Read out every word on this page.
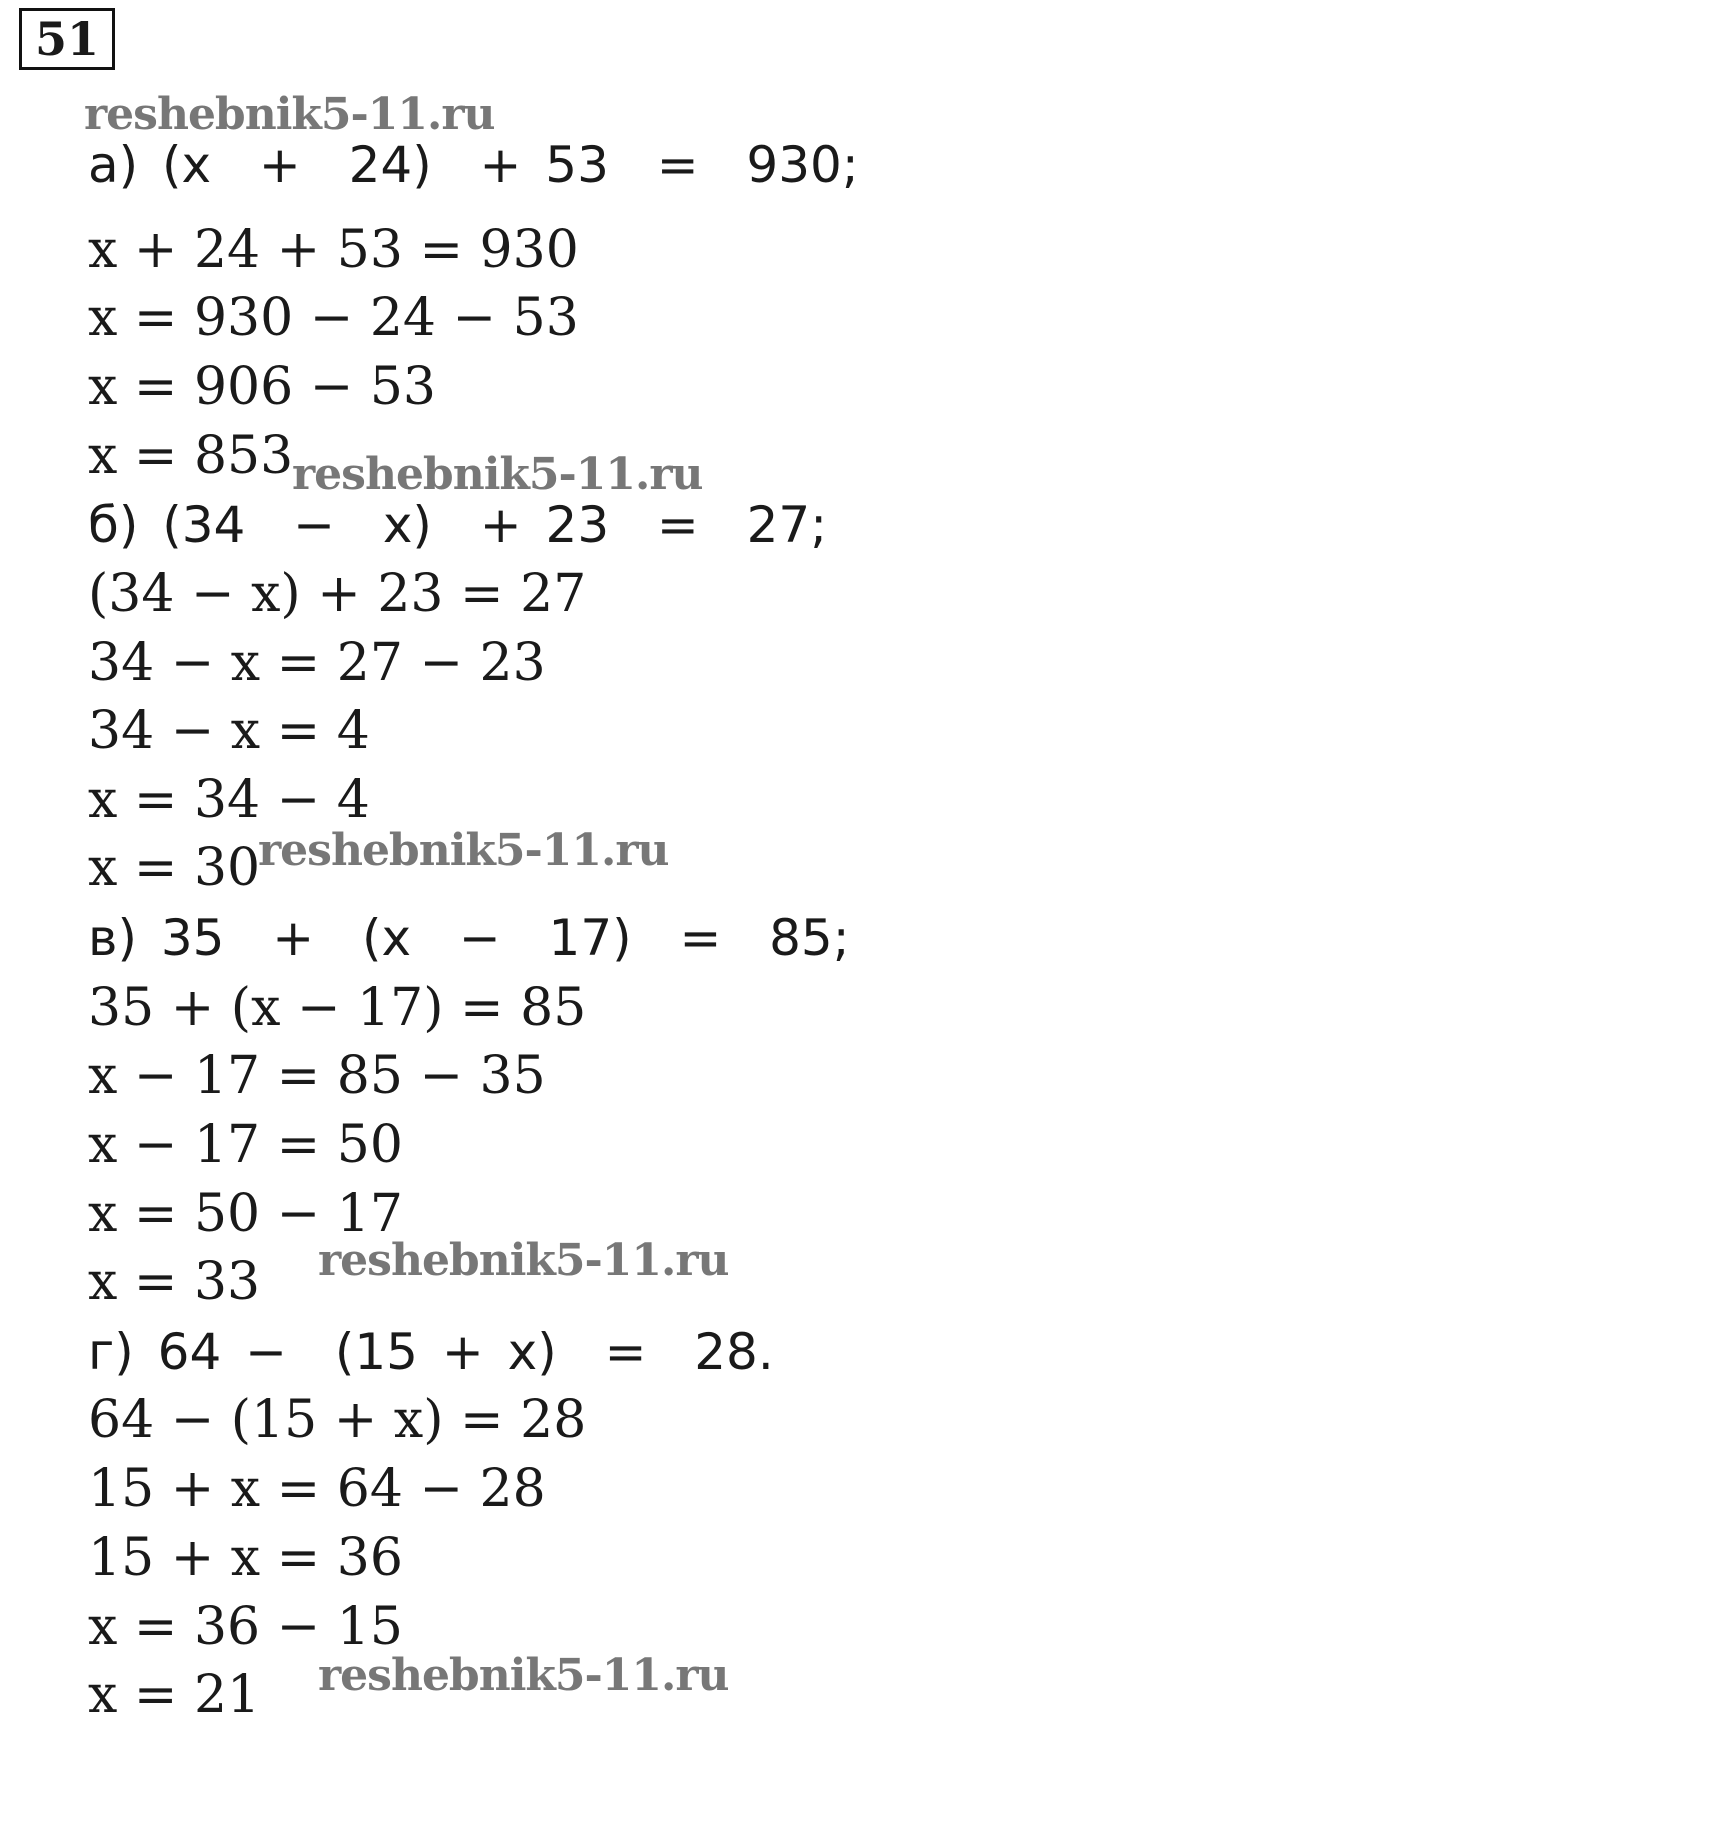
51
reshebnik5-11.ru
а) (x  +  24)  + 53  =  930;
x + 24 + 53 = 930
x = 930 − 24 − 53
x = 906 − 53
x = 853
reshebnik5-11.ru
б) (34  −  x)  + 23  =  27;
(34 − x) + 23 = 27
34 − x = 27 − 23
34 − x = 4
x = 34 − 4
x = 30
reshebnik5-11.ru
в) 35  +  (x  −  17)  =  85;
35 + (x − 17) = 85
x − 17 = 85 − 35
x − 17 = 50
x = 50 − 17
x = 33 reshebnik5-11.ru
г) 64 −  (15 + x)  =  28.
64 − (15 + x) = 28
15 + x = 64 − 28
15 + x = 36
x = 36 − 15
x = 21 reshebnik5-11.ru
